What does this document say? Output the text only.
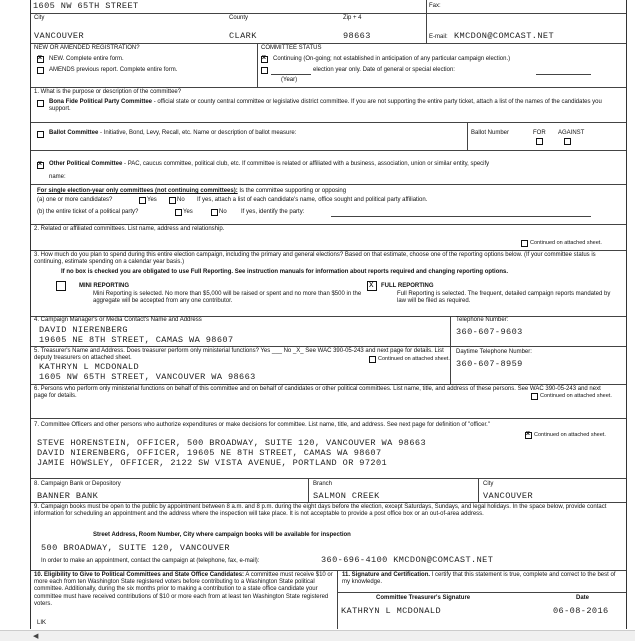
1605 NW 65TH STREET	Fax:
City	County	Zip + 4
VANCOUVER	CLARK	98663	E-mail: KMCDON@COMCAST.NET
NEW OR AMENDED REGISTRATION?
x
NEW. Complete entire form.
AMENDS previous report. Complete entire form.
COMMITTEE STATUS
x
Continuing (On-going; not established in anticipation of any particular campaign election.)
election year only. Date of general or special election:
(Year)
1. What is the purpose or description of the committee?
Bona Fide Political Party Committee - official state or county central committee or legislative district committee. If you are not supporting the entire party ticket, attach a list of the names of the candidates you support.
Ballot Committee - Initiative, Bond, Levy, Recall, etc. Name or description of ballot measure:	Ballot Number	FOR AGAINST
x
Other Political Committee - PAC, caucus committee, political club, etc. If committee is related or affiliated with a business, association, union or similar entity, specify
name:
For single election-year only committees (not continuing committees): Is the committee supporting or opposing
(a) one or more candidates?	Yes	No If yes, attach a list of each candidate's name, office sought and political party affiliation.
(b) the entire ticket of a political party?	Yes	No If yes, identify the party:
2. Related or affiliated committees. List name, address and relationship.
Continued on attached sheet.
3. How much do you plan to spend during this entire election campaign, including the primary and general elections? Based on that estimate, choose one of the reporting options below. (If your committee status is continuing, estimate spending on a calendar year basis.)
If no box is checked you are obligated to use Full Reporting. See instruction manuals for information about reports required and changing reporting options.
MINI REPORTING
Mini Reporting is selected. No more than $5,000 will be raised or spent and no more than $500 in the aggregate will be accepted from any one contributor.
x
FULL REPORTING
Full Reporting is selected. The frequent, detailed campaign reports mandated by law will be filed as required.
4. Campaign Manager's or Media Contact's Name and Address
DAVID NIERENBERG
19605 NE 8TH STREET, CAMAS WA 98607
Telephone Number:
360-607-9603
5. Treasurer's Name and Address. Does treasurer perform only ministerial functions? Yes ___ No _X_ See WAC 390-05-243 and next page for details. List deputy treasurers on attached sheet.	Continued on attached sheet.
KATHRYN L MCDONALD
1605 NW 65TH STREET, VANCOUVER WA 98663
Daytime Telephone Number:
360-607-8959
6. Persons who perform only ministerial functions on behalf of this committee and on behalf of candidates or other political committees. List name, title, and address of these persons. See WAC 390-05-243 and next page for details.	Continued on attached sheet.
7. Committee Officers and other persons who authorize expenditures or make decisions for committee. List name, title, and address. See next page for definition of "officer."
x
Continued on attached sheet.
STEVE HORENSTEIN, OFFICER, 500 BROADWAY, SUITE 120, VANCOUVER WA 98663
DAVID NIERENBERG, OFFICER, 19605 NE 8TH STREET, CAMAS WA 98607
JAMIE HOWSLEY, OFFICER, 2122 SW VISTA AVENUE, PORTLAND OR 97201
8. Campaign Bank or Depository
BANNER BANK
Branch
SALMON CREEK
City
VANCOUVER
9. Campaign books must be open to the public by appointment between 8 a.m. and 8 p.m. during the eight days before the election, except Saturdays, Sundays, and legal holidays. In the space below, provide contact information for scheduling an appointment and the address where the inspection will take place. It is not acceptable to provide a post office box or an out-of-area address.
Street Address, Room Number, City where campaign books will be available for inspection
500 BROADWAY, SUITE 120, VANCOUVER
In order to make an appointment, contact the campaign at (telephone, fax, e-mail):	360-696-4100 KMCDON@COMCAST.NET
10. Eligibility to Give to Political Committees and State Office Candidates: A committee must receive $10 or more each from ten Washington State registered voters before contributing to a Washington State political committee. Additionally, during the six months prior to making a contribution to a state office candidate your committee must have received contributions of $10 or more each from at least ten Washington State registered voters.
LIK
11. Signature and Certification. I certify that this statement is true, complete and correct to the best of my knowledge.
Committee Treasurer's Signature	Date
KATHRYN L MCDONALD	06-08-2016
◀
